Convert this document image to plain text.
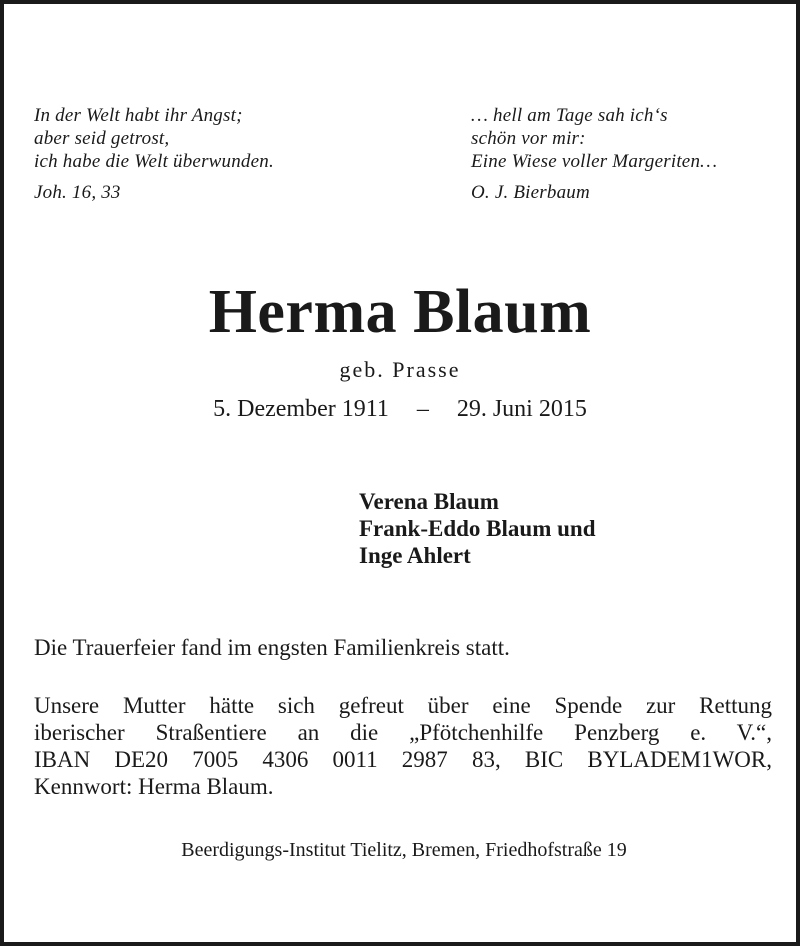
In der Welt habt ihr Angst;
aber seid getrost,
ich habe die Welt überwunden.
Joh. 16, 33
… hell am Tage sah ich‘s
schön vor mir:
Eine Wiese voller Margeriten…
O. J. Bierbaum
Herma Blaum
geb. Prasse
5. Dezember 1911 – 29. Juni 2015
Verena Blaum
Frank-Eddo Blaum und
Inge Ahlert
Die Trauerfeier fand im engsten Familienkreis statt.
Unsere Mutter hätte sich gefreut über eine Spende zur Rettung
iberischer Straßentiere an die „Pfötchenhilfe Penzberg e. V.“,
IBAN DE20 7005 4306 0011 2987 83, BIC BYLADEM1WOR,
Kennwort: Herma Blaum.
Beerdigungs-Institut Tielitz, Bremen, Friedhofstraße 19
